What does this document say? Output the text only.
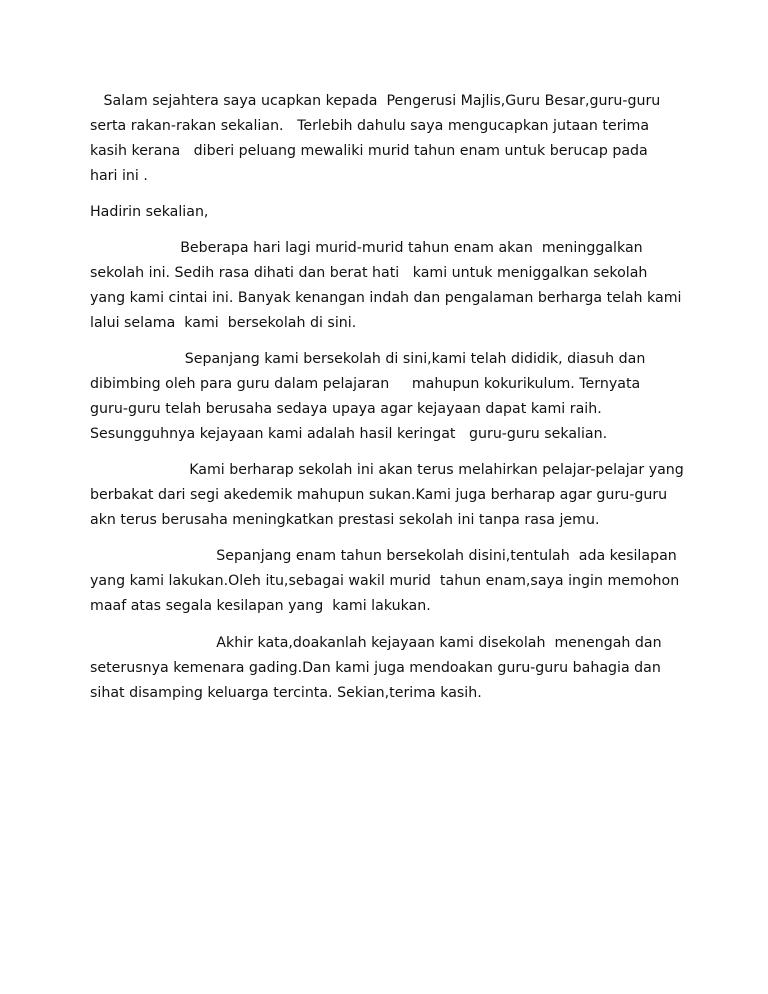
Salam sejahtera saya ucapkan kepada  Pengerusi Majlis,Guru Besar,guru-guru
serta rakan-rakan sekalian.   Terlebih dahulu saya mengucapkan jutaan terima
kasih kerana   diberi peluang mewaliki murid tahun enam untuk berucap pada
hari ini .
Hadirin sekalian,
Beberapa hari lagi murid-murid tahun enam akan  meninggalkan
sekolah ini. Sedih rasa dihati dan berat hati   kami untuk meniggalkan sekolah
yang kami cintai ini. Banyak kenangan indah dan pengalaman berharga telah kami
lalui selama  kami  bersekolah di sini.
Sepanjang kami bersekolah di sini,kami telah dididik, diasuh dan
dibimbing oleh para guru dalam pelajaran     mahupun kokurikulum. Ternyata
guru-guru telah berusaha sedaya upaya agar kejayaan dapat kami raih.
Sesungguhnya kejayaan kami adalah hasil keringat   guru-guru sekalian.
Kami berharap sekolah ini akan terus melahirkan pelajar-pelajar yang
berbakat dari segi akedemik mahupun sukan.Kami juga berharap agar guru-guru
akn terus berusaha meningkatkan prestasi sekolah ini tanpa rasa jemu.
Sepanjang enam tahun bersekolah disini,tentulah  ada kesilapan
yang kami lakukan.Oleh itu,sebagai wakil murid  tahun enam,saya ingin memohon
maaf atas segala kesilapan yang  kami lakukan.
Akhir kata,doakanlah kejayaan kami disekolah  menengah dan
seterusnya kemenara gading.Dan kami juga mendoakan guru-guru bahagia dan
sihat disamping keluarga tercinta. Sekian,terima kasih.
